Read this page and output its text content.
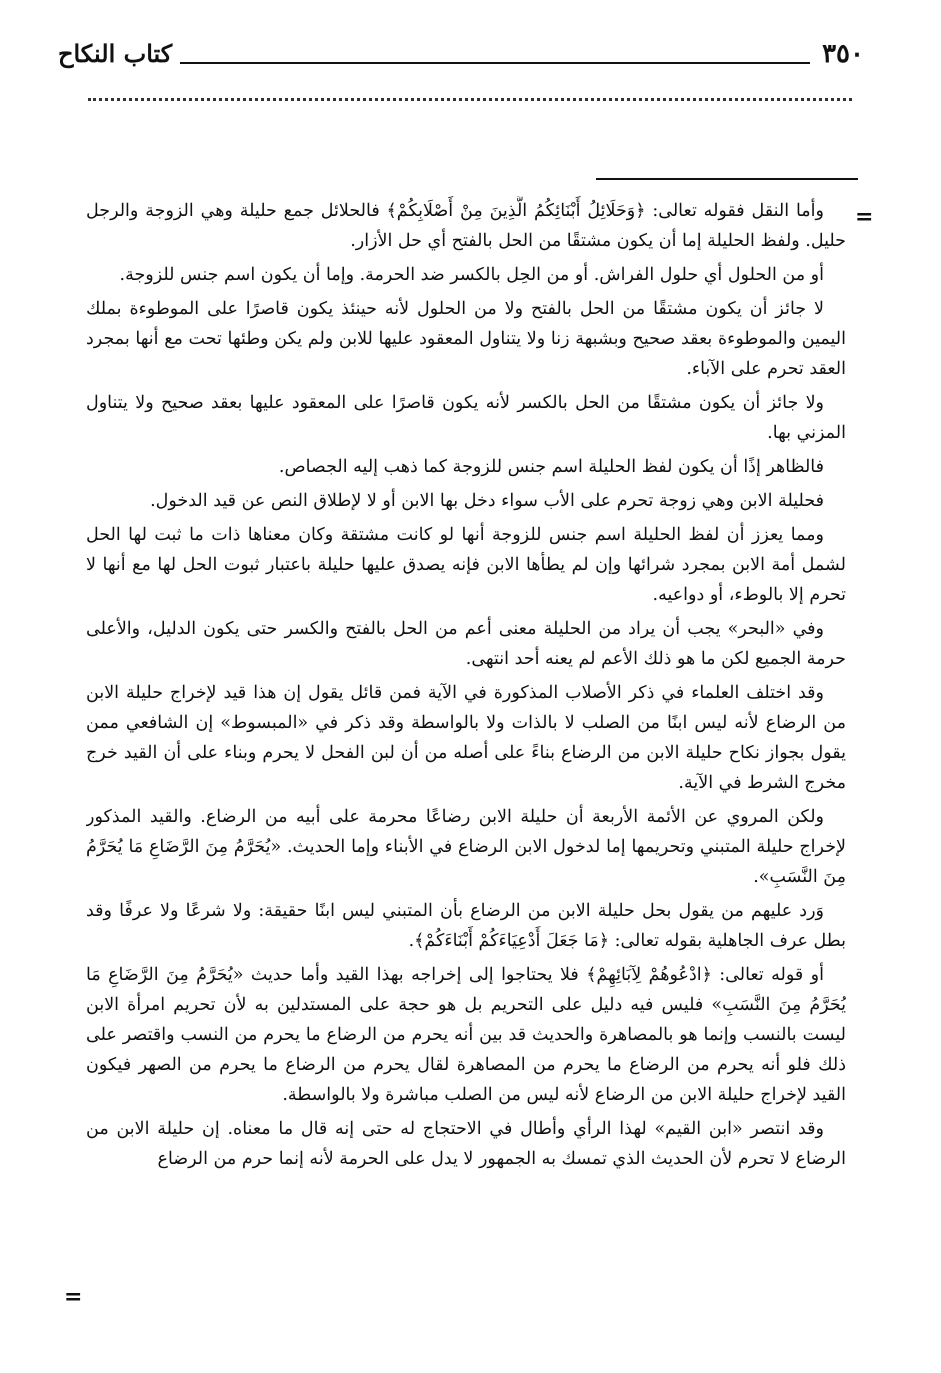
٣٥٠
كتاب النكاح
=
=

وأما النقل فقوله تعالى: ﴿وَحَلَائِلُ أَبْنَائِكُمُ الَّذِينَ مِنْ أَصْلَابِكُمْ﴾ فالحلائل جمع حليلة وهي الزوجة والرجل حليل. ولفظ الحليلة إما أن يكون مشتقًا من الحل بالفتح أي حل الأزار.

أو من الحلول أي حلول الفراش. أو من الحِل بالكسر ضد الحرمة. وإما أن يكون اسم جنس للزوجة.

لا جائز أن يكون مشتقًا من الحل بالفتح ولا من الحلول لأنه حينئذ يكون قاصرًا على الموطوءة بملك اليمين والموطوءة بعقد صحيح وبشبهة زنا ولا يتناول المعقود عليها للابن ولم يكن وطئها تحت مع أنها بمجرد العقد تحرم على الآباء.

ولا جائز أن يكون مشتقًا من الحل بالكسر لأنه يكون قاصرًا على المعقود عليها بعقد صحيح ولا يتناول المزني بها.

فالظاهر إذًا أن يكون لفظ الحليلة اسم جنس للزوجة كما ذهب إليه الجصاص.

فحليلة الابن وهي زوجة تحرم على الأب سواء دخل بها الابن أو لا لإطلاق النص عن قيد الدخول.

ومما يعزز أن لفظ الحليلة اسم جنس للزوجة أنها لو كانت مشتقة وكان معناها ذات ما ثبت لها الحل لشمل أمة الابن بمجرد شرائها وإن لم يطأها الابن فإنه يصدق عليها حليلة باعتبار ثبوت الحل لها مع أنها لا تحرم إلا بالوطء، أو دواعيه.

وفي «البحر» يجب أن يراد من الحليلة معنى أعم من الحل بالفتح والكسر حتى يكون الدليل، والأعلى حرمة الجميع لكن ما هو ذلك الأعم لم يعنه أحد انتهى.

وقد اختلف العلماء في ذكر الأصلاب المذكورة في الآية فمن قائل يقول إن هذا قيد لإخراج حليلة الابن من الرضاع لأنه ليس ابنًا من الصلب لا بالذات ولا بالواسطة وقد ذكر في «المبسوط» إن الشافعي ممن يقول بجواز نكاح حليلة الابن من الرضاع بناءً على أصله من أن لبن الفحل لا يحرم وبناء على أن القيد خرج مخرج الشرط في الآية.

ولكن المروي عن الأئمة الأربعة أن حليلة الابن رضاعًا محرمة على أبيه من الرضاع. والقيد المذكور لإخراج حليلة المتبني وتحريمها إما لدخول الابن الرضاع في الأبناء وإما الحديث. «يُحَرَّمُ مِنَ الرَّضَاعِ مَا يُحَرَّمُ مِنَ النَّسَبِ».

وَرد عليهم من يقول بحل حليلة الابن من الرضاع بأن المتبني ليس ابنًا حقيقة: ولا شرعًا ولا عرفًا وقد بطل عرف الجاهلية بقوله تعالى: ﴿مَا جَعَلَ أَدْعِيَاءَكُمْ أَبْنَاءَكُمْ﴾.

أو قوله تعالى: ﴿ادْعُوهُمْ لِآبَائِهِمْ﴾ فلا يحتاجوا إلى إخراجه بهذا القيد وأما حديث «يُحَرَّمُ مِنَ الرَّضَاعِ مَا يُحَرَّمُ مِنَ النَّسَبِ» فليس فيه دليل على التحريم بل هو حجة على المستدلين به لأن تحريم امرأة الابن ليست بالنسب وإنما هو بالمصاهرة والحديث قد بين أنه يحرم من الرضاع ما يحرم من النسب واقتصر على ذلك فلو أنه يحرم من الرضاع ما يحرم من المصاهرة لقال يحرم من الرضاع ما يحرم من الصهر فيكون القيد لإخراج حليلة الابن من الرضاع لأنه ليس من الصلب مباشرة ولا بالواسطة.

وقد انتصر «ابن القيم» لهذا الرأي وأطال في الاحتجاج له حتى إنه قال ما معناه. إن حليلة الابن من الرضاع لا تحرم لأن الحديث الذي تمسك به الجمهور لا يدل على الحرمة لأنه إنما حرم من الرضاع
